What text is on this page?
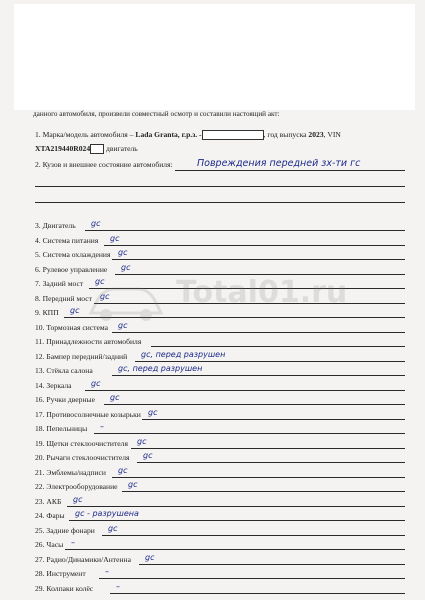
данного автомобиля, произвели совместный осмотр и составили настоящий акт:
1. Марка/модель автомобиля – Lada Granta, г.р.з. -	, год выпуска 2023, VIN
XTA219440R024 двигатель
2. Кузов и внешнее состояние автомобиля:	Повреждения передней зх-ти гс
3. Двигатель gc
4. Система питания gc
5. Система охлаждения gc
6. Рулевое управление gc
7. Задний мост gc
8. Передний мост gc
9. КПП gc
10. Тормозная система gc
11. Принадлежности автомобиля
12. Бампер передний/задний gc, перед разрушен
13. Стёкла салона	gc, перед разрушен
14. Зеркала gc
16. Ручки дверные gc
17. Противосолнечные козырьки gc
18. Пепельницы –
19. Щетки стеклоочистителя gc
20. Рычаги стеклоочистителя gc
21. Эмблемы/надписи gc
22. Электрооборудование gc
23. АКБ gc
24. Фары gc - разрушена
25. Задние фонари gc
26. Часы –
27. Радио/Динамики/Антенна gc
28. Инструмент –
29. Колпаки колёс	–
Total01.ru
